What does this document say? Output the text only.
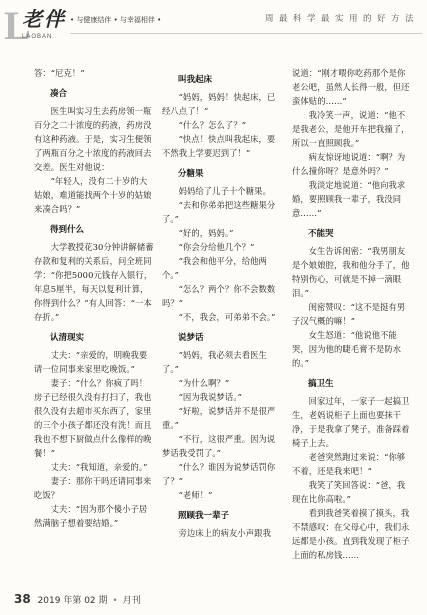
L
老伴
LAOBAN
• 与健康结伴 • 与幸福相伴 •	周最科学最实用的好方法

答：“尼克！”

凑合

医生叫实习生去药房领一瓶百分之二十浓度的药液，药房没有这种药液。于是，实习生便领了两瓶百分之十浓度的药液回去交差。医生对他说：

“年轻人，没有二十岁的大姑娘，难道能找两个十岁的姑娘来凑合吗？”

得到什么

大学教授花30分钟讲解储蓄存款和复利的关系后，问全班同学：“你把5000元钱存入银行，年息5厘半，每天以复利计算，你得到什么？”有人回答：“一本存折。”

认清现实

丈夫：“亲爱的，明晚我要请一位同事来家里吃晚饭。”

妻子：“什么？你疯了吗！房子已经很久没有打扫了，我也很久没有去超市买东西了，家里的三个小孩子都还没有洗！而且我也不想下厨做点什么像样的晚餐！”

丈夫：“我知道，亲爱的。”

妻子：那你干吗还请同事来吃饭？

丈夫：“因为那个傻小子居然满脑子想着要结婚。”

叫我起床

“妈妈，妈妈！快起床，已经八点了！”

“什么？怎么了？”

“快点！快点叫我起床，要不然我上学要迟到了！”

分糖果

妈妈给了儿子十个糖果。

“去和你弟弟把这些糖果分了。”

“好的，妈妈。”

“你会分给他几个？”

“我会和他平分，给他两个。”

“怎么？两个？你不会数数吗？”

“不，我会，可弟弟不会。”

说梦话

“妈妈，我必须去看医生了。”

“为什么啊？”

“因为我说梦话。”

“好啦，说梦话并不是很严重。”

“不行，这很严重。因为说梦话我受罚了。”

“什么？谁因为说梦话罚你了？”

“老师！”

照顾我一辈子

旁边床上的病友小声跟我

说道：“刚才喂你吃药那个是你老公吧，虽然人长得一般，但还蛮体贴的……”

我冷笑一声，说道：“他不是我老公，是他开车把我撞了，所以一直照顾我。”

病友惊讶地说道：“啊？为什么撞你呀？是意外吗？”

我淡定地说道：“他向我求婚，要照顾我一辈子，我没同意……”

不能哭

女生告诉闺密：“我男朋友是个娘娘腔，我和他分手了，他特别伤心，可就是不掉一滴眼泪。”

闺密赞叹：“这不是挺有男子汉气概的嘛！”

女生怒道：“他说他不能哭，因为他的睫毛膏不是防水的。”

搞卫生

回家过年，一家子一起搞卫生，老妈说柜子上面也要抹干净，于是我拿了凳子，准备踩着椅子上去。

老爸突然跑过来说：“你够不着，还是我来吧！”

我笑了笑回答说：“爸，我现在比你高啦。”

看到我爸笑着摸了摸头，我不禁感叹：在父母心中，我们永远都是小孩。直到我发现了柜子上面的私房钱……

38 2019 年第 02 期 • 月刊
